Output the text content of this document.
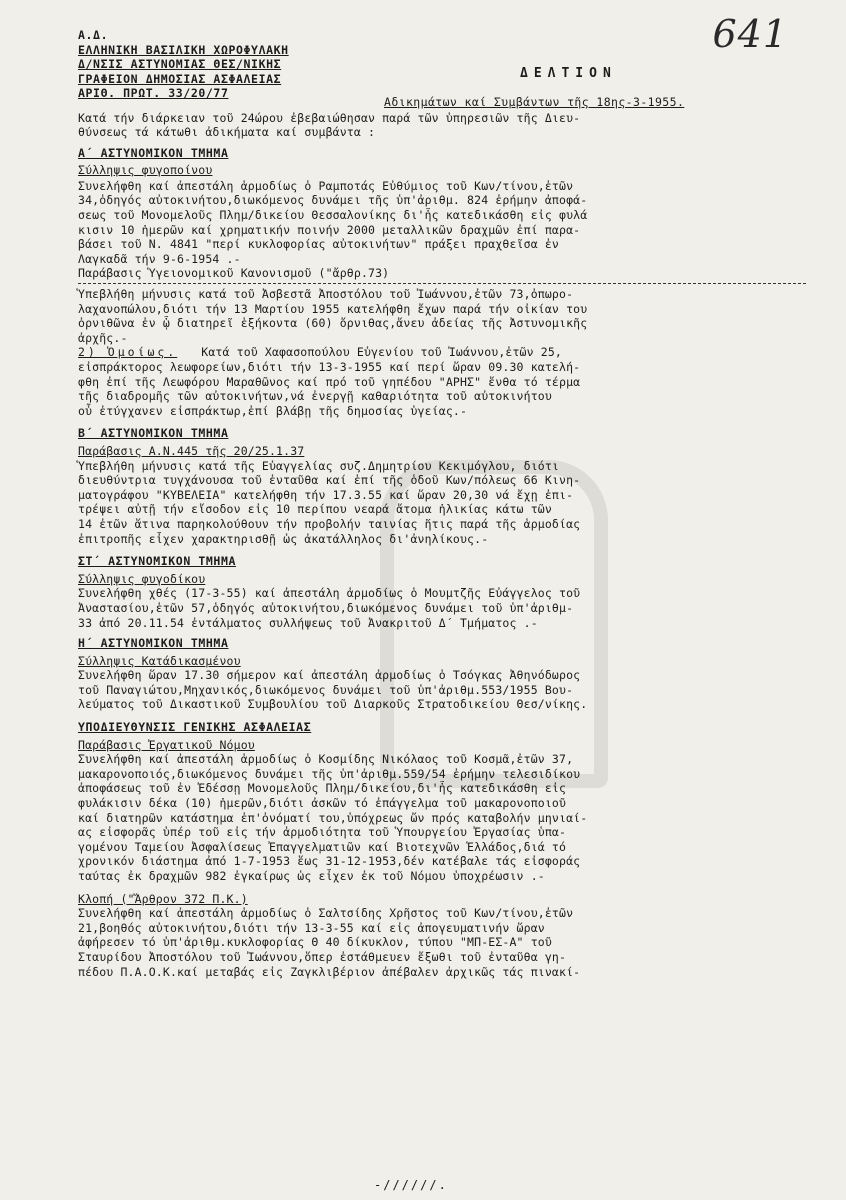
641
Α.Δ.
ΕΛΛΗΝΙΚΗ ΒΑΣΙΛΙΚΗ ΧΩΡΟΦΥΛΑΚΗ
Δ/ΝΣΙΣ ΑΣΤΥΝΟΜΙΑΣ ΘΕΣ/ΝΙΚΗΣ
ΓΡΑΦΕΙΟΝ ΔΗΜΟΣΙΑΣ ΑΣΦΑΛΕΙΑΣ
ΑΡΙΘ. ΠΡΩΤ. 33/20/77
ΔΕΛΤΙΟΝ
Αδικημάτων καί Συμβάντων τῆς 18ης-3-1955.

Κατά τήν διάρκειαν τοῦ 24ώρου ἐβεβαιώθησαν παρά τῶν ὑπηρεσιῶν τῆς Διευ-

θύνσεως τά κάτωθι ἀδικήματα καί συμβάντα :

Α΄ ΑΣΤΥΝΟΜΙΚΟΝ ΤΜΗΜΑ

Σύλληψις φυγοποίνου

Συνελήφθη καί ἀπεστάλη ἁρμοδίως ὁ Ραμποτάς Εὐθύμιος τοῦ Κων/τίνου,ἐτῶν

34,ὁδηγός αὐτοκινήτου,διωκόμενος δυνάμει τῆς ὑπ'ἀριθμ. 824 ἐρήμην ἀποφά-

σεως τοῦ Μονομελοῦς Πλημ/δικείου Θεσσαλονίκης δι'ἧς κατεδικάσθη εἰς φυλά

κισιν 10 ἡμερῶν καί χρηματικήν ποινήν 2000 μεταλλικῶν δραχμῶν ἐπί παρα-

βάσει τοῦ Ν. 4841 "περί κυκλοφορίας αὐτοκινήτων" πράξει πραχθεῖσα ἐν

Λαγκαδᾶ τήν 9-6-1954 .-

Παράβασις Ὑγειονομικοῦ Κανονισμοῦ ("ἄρθρ.73)

Ὑπεβλήθη μήνυσις κατά τοῦ Ἀσβεστᾶ Ἀποστόλου τοῦ Ἰωάννου,ἐτῶν 73,ὀπωρο-

λαχανοπώλου,διότι τήν 13 Μαρτίου 1955 κατελήφθη ἔχων παρά τήν οἰκίαν του

ὀρνιθῶνα ἐν ᾧ διατηρεῖ ἑξήκοντα (60) ὄρνιθας,ἄνευ ἀδείας τῆς Ἀστυνομικῆς

ἀρχῆς.-

2) Ὁμοίως. Κατά τοῦ Χαφασοπούλου Εὐγενίου τοῦ Ἰωάννου,ἐτῶν 25,

εἰσπράκτορος λεωφορείων,διότι τήν 13-3-1955 καί περί ὥραν 09.30 κατελή-

φθη ἐπί τῆς Λεωφόρου Μαραθῶνος καί πρό τοῦ γηπέδου "ΑΡΗΣ" ἔνθα τό τέρμα

τῆς διαδρομῆς τῶν αὐτοκινήτων,νά ἐνεργῇ καθαριότητα τοῦ αὐτοκινήτου

οὗ ἐτύγχανεν εἰσπράκτωρ,ἐπί βλάβῃ τῆς δημοσίας ὑγείας.-

Β΄ ΑΣΤΥΝΟΜΙΚΟΝ ΤΜΗΜΑ

Παράβασις Α.Ν.445 τῆς 20/25.1.37

Ὑπεβλήθη μήνυσις κατά τῆς Εὐαγγελίας συζ.Δημητρίου Κεκιμόγλου, διότι

διευθύντρια τυγχάνουσα τοῦ ἐνταῦθα καί ἐπί τῆς ὁδοῦ Κων/πόλεως 66 Κινη-

ματογράφου "ΚΥΒΕΛΕΙΑ" κατελήφθη τήν 17.3.55 καί ὥραν 20,30 νά ἔχῃ ἐπι-

τρέψει αὐτῇ τήν εἴσοδον εἰς 10 περίπου νεαρά ἄτομα ἡλικίας κάτω τῶν

14 ἐτῶν ἅτινα παρηκολούθουν τήν προβολήν ταινίας ἥτις παρά τῆς ἁρμοδίας

ἐπιτροπῆς εἶχεν χαρακτηρισθῇ ὡς ἀκατάλληλος δι'ἀνηλίκους.-

ΣΤ΄ ΑΣΤΥΝΟΜΙΚΟΝ ΤΜΗΜΑ

Σύλληψις φυγοδίκου

Συνελήφθη χθές (17-3-55) καί ἀπεστάλη ἁρμοδίως ὁ Μουμτζῆς Εὐάγγελος τοῦ

Ἀναστασίου,ἐτῶν 57,ὁδηγός αὐτοκινήτου,διωκόμενος δυνάμει τοῦ ὑπ'ἀριθμ-

33 ἀπό 20.11.54 ἐντάλματος συλλήψεως τοῦ Ἀνακριτοῦ Δ΄ Τμήματος .-

Η΄ ΑΣΤΥΝΟΜΙΚΟΝ ΤΜΗΜΑ

Σύλληψις Κατάδικασμένου

Συνελήφθη ὥραν 17.30 σήμερον καί ἀπεστάλη ἁρμοδίως ὁ Τσόγκας Ἀθηνόδωρος

τοῦ Παναγιώτου,Μηχανικός,διωκόμενος δυνάμει τοῦ ὑπ'ἀριθμ.553/1955 Βου-

λεύματος τοῦ Δικαστικοῦ Συμβουλίου τοῦ Διαρκοῦς Στρατοδικείου Θεσ/νίκης.

ΥΠΟΔΙΕΥΘΥΝΣΙΣ ΓΕΝΙΚΗΣ ΑΣΦΑΛΕΙΑΣ

Παράβασις Ἐργατικοῦ Νόμου

Συνελήφθη καί ἀπεστάλη ἁρμοδίως ὁ Κοσμίδης Νικόλαος τοῦ Κοσμᾶ,ἐτῶν 37,

μακαρονοποιός,διωκόμενος δυνάμει τῆς ὑπ'ἀριθμ.559/54 ἐρήμην τελεσιδίκου

ἀποφάσεως τοῦ ἐν Ἐδέσσῃ Μονομελοῦς Πλημ/δικείου,δι'ἧς κατεδικάσθη εἰς

φυλάκισιν δέκα (10) ἡμερῶν,διότι ἀσκῶν τό ἐπάγγελμα τοῦ μακαρονοποιοῦ

καί διατηρῶν κατάστημα ἐπ'ὀνόματί του,ὑπόχρεως ὤν πρός καταβολήν μηνιαί-

ας εἰσφορᾶς ὑπέρ τοῦ εἰς τήν ἁρμοδιότητα τοῦ Ὑπουργείου Ἐργασίας ὑπα-

γομένου Ταμείου Ἀσφαλίσεως Ἐπαγγελματιῶν καί Βιοτεχνῶν Ἑλλάδος,διά τό

χρονικόν διάστημα ἀπό 1-7-1953 ἕως 31-12-1953,δέν κατέβαλε τάς εἰσφοράς

ταύτας ἐκ δραχμῶν 982 ἐγκαίρως ὡς εἶχεν ἐκ τοῦ Νόμου ὑποχρέωσιν .-

Κλοπή ("Ἄρθρον 372 Π.Κ.)

Συνελήφθη καί ἀπεστάλη ἁρμοδίως ὁ Σαλτσίδης Χρῆστος τοῦ Κων/τίνου,ἐτῶν

21,βοηθός αὐτοκινήτου,διότι τήν 13-3-55 καί εἰς ἀπογευματινήν ὥραν

ἀφήρεσεν τό ὑπ'ἀριθμ.κυκλοφορίας Θ 40 δίκυκλον, τύπου "ΜΠ-ΕΣ-Α" τοῦ

Σταυρίδου Ἀποστόλου τοῦ Ἰωάννου,ὅπερ ἐστάθμευεν ἔξωθι τοῦ ἐνταῦθα γη-

πέδου Π.Α.Ο.Κ.καί μεταβάς εἰς Ζαγκλιβέριον ἀπέβαλεν ἀρχικῶς τάς πινακί-

-//////.
